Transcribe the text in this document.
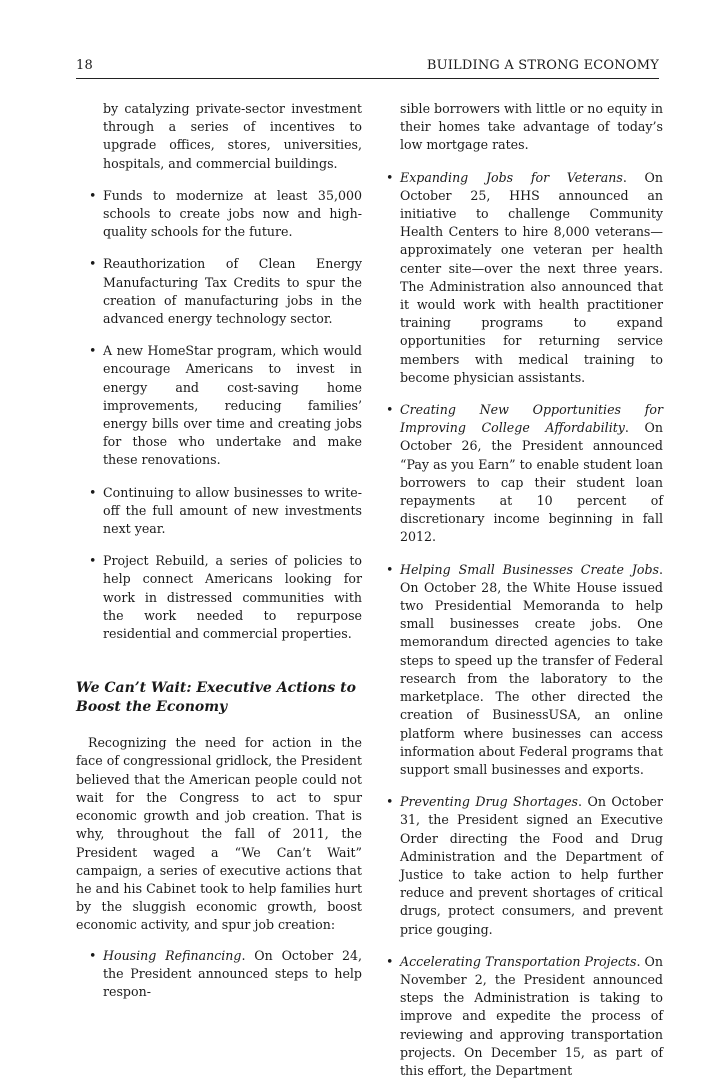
18	BUILDING A STRONG ECONOMY

by catalyzing private-sector investment through a series of incentives to upgrade offices, stores, universities, hospitals, and commercial buildings.

• Funds to modernize at least 35,000 schools to create jobs now and high-quality schools for the future.
• Reauthorization of Clean Energy Manufacturing Tax Credits to spur the creation of manufacturing jobs in the advanced energy technology sector.
• A new HomeStar program, which would encourage Americans to invest in energy and cost-saving home improvements, reducing families’ energy bills over time and creating jobs for those who undertake and make these renovations.
• Continuing to allow businesses to write-off the full amount of new investments next year.
• Project Rebuild, a series of policies to help connect Americans looking for work in distressed communities with the work needed to repurpose residential and commercial properties.
We Can’t Wait: Executive Actions to
Boost the Economy

Recognizing the need for action in the face of congressional gridlock, the President believed that the American people could not wait for the Congress to act to spur economic growth and job creation. That is why, throughout the fall of 2011, the President waged a “We Can’t Wait” campaign, a series of executive actions that he and his Cabinet took to help families hurt by the sluggish economic growth, boost economic activity, and spur job creation:

• Housing Refinancing. On October 24, the President announced steps to help respon-

sible borrowers with little or no equity in their homes take advantage of today’s low mortgage rates.

• Expanding Jobs for Veterans. On October 25, HHS announced an initiative to challenge Community Health Centers to hire 8,000 veterans—approximately one veteran per health center site—over the next three years. The Administration also announced that it would work with health practitioner training programs to expand opportunities for returning service members with medical training to become physician assistants.
• Creating New Opportunities for Improving College Affordability. On October 26, the President announced “Pay as you Earn” to enable student loan borrowers to cap their student loan repayments at 10 percent of discretionary income beginning in fall 2012.
• Helping Small Businesses Create Jobs. On October 28, the White House issued two Presidential Memoranda to help small businesses create jobs. One memorandum directed agencies to take steps to speed up the transfer of Federal research from the laboratory to the marketplace. The other directed the creation of BusinessUSA, an online platform where businesses can access information about Federal programs that support small businesses and exports.
• Preventing Drug Shortages. On October 31, the President signed an Executive Order directing the Food and Drug Administration and the Department of Justice to take action to help further reduce and prevent shortages of critical drugs, protect consumers, and prevent price gouging.
• Accelerating Transportation Projects. On November 2, the President announced steps the Administration is taking to improve and expedite the process of reviewing and approving transportation projects. On December 15, as part of this effort, the Department
